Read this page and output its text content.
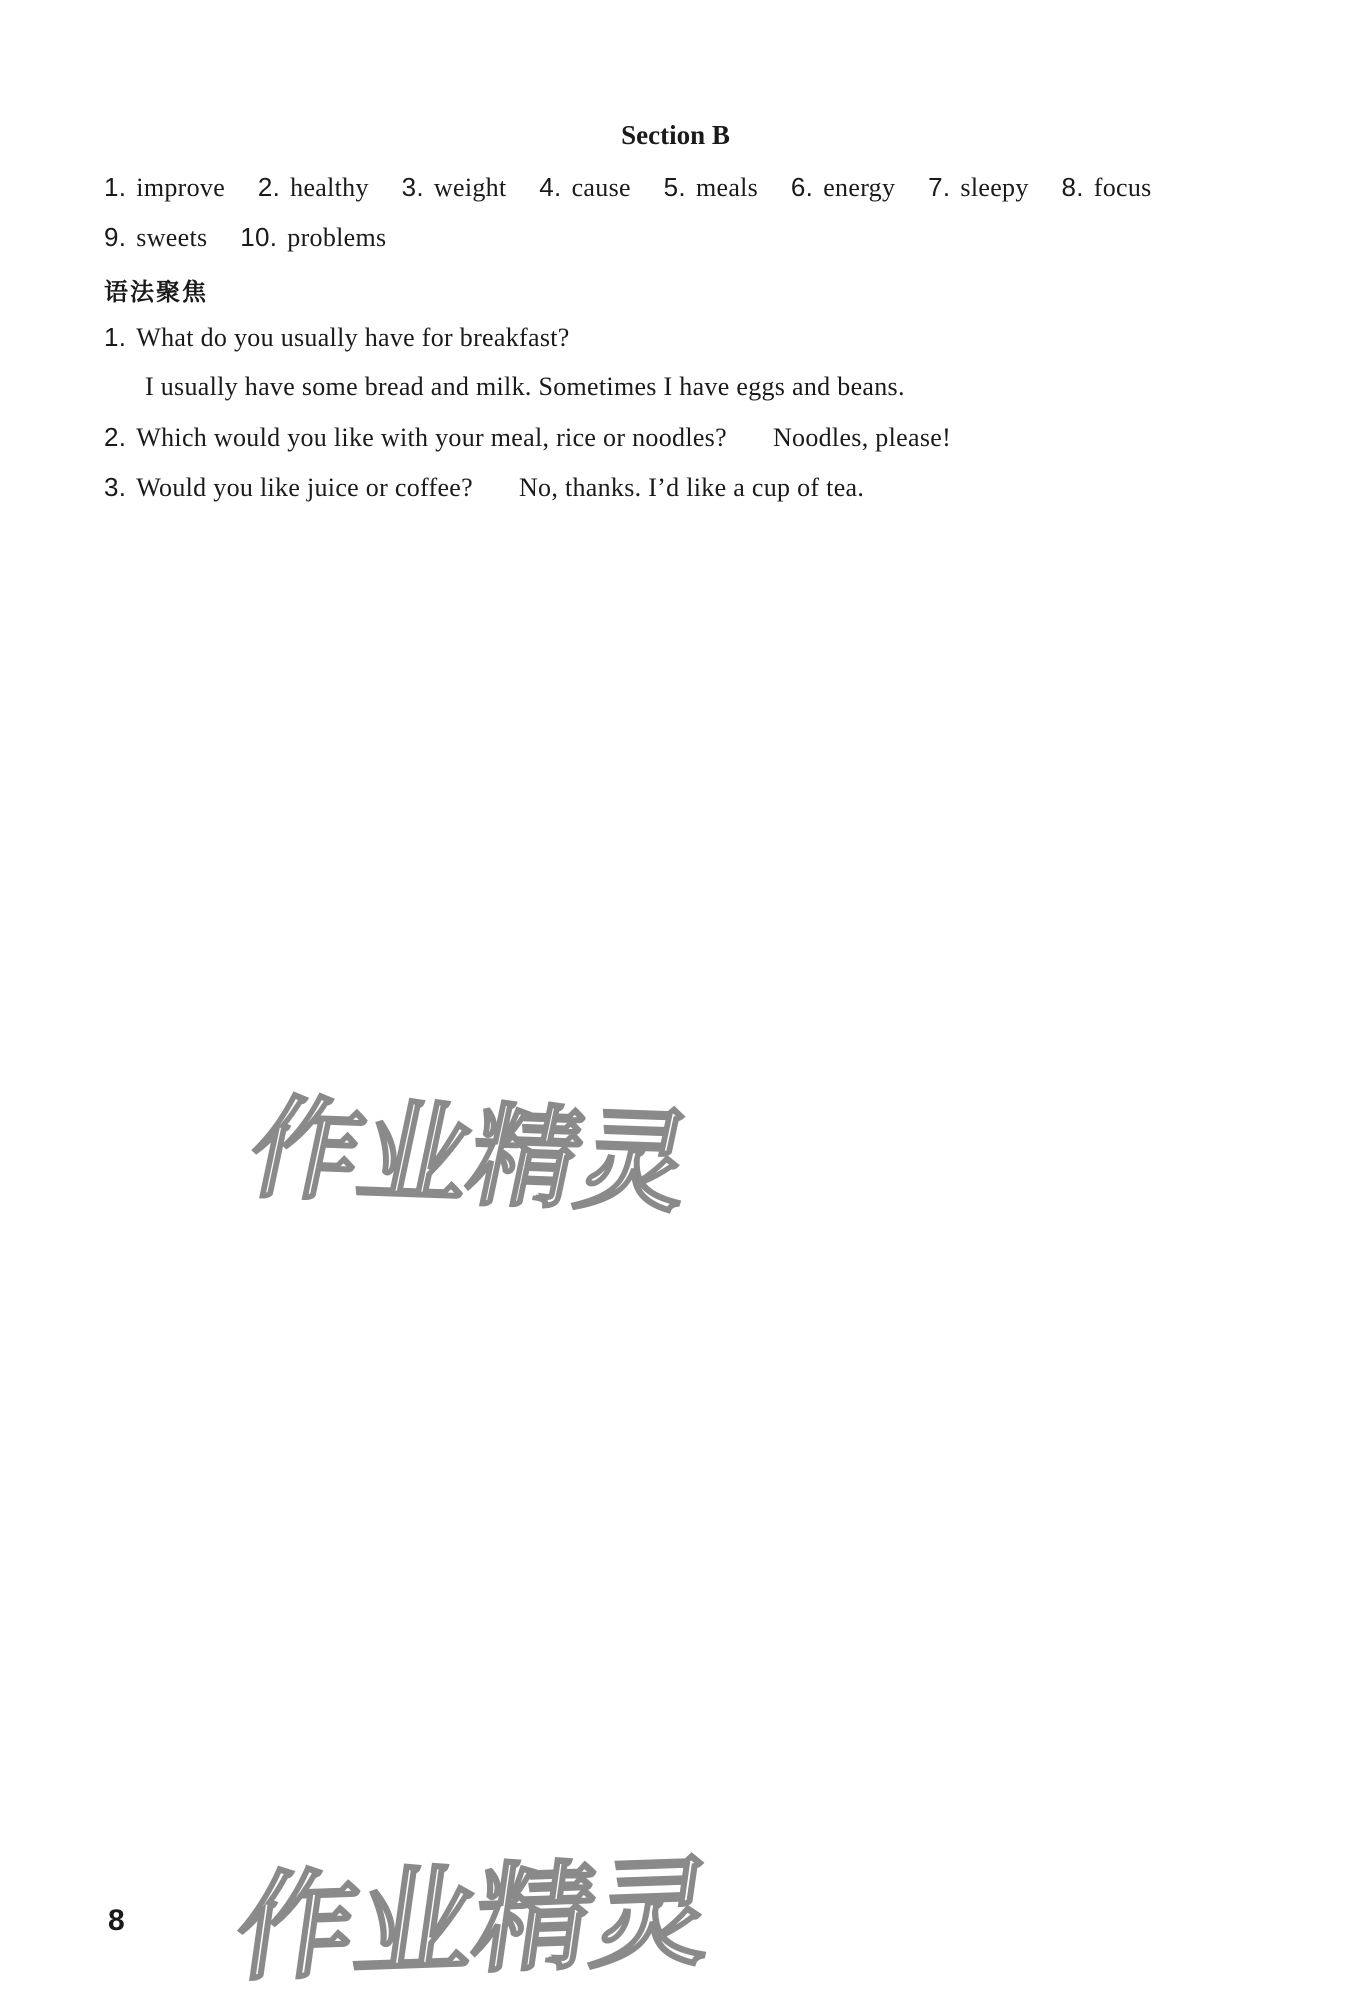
Section B
1. improve 2. healthy 3. weight 4. cause 5. meals 6. energy 7. sleepy 8. focus
9. sweets 10. problems
语法聚焦
1. What do you usually have for breakfast?
I usually have some bread and milk. Sometimes I have eggs and beans.
2. Which would you like with your meal, rice or noodles? Noodles, please!
3. Would you like juice or coffee? No, thanks. I’d like a cup of tea.
作业精灵
作业精灵
8
